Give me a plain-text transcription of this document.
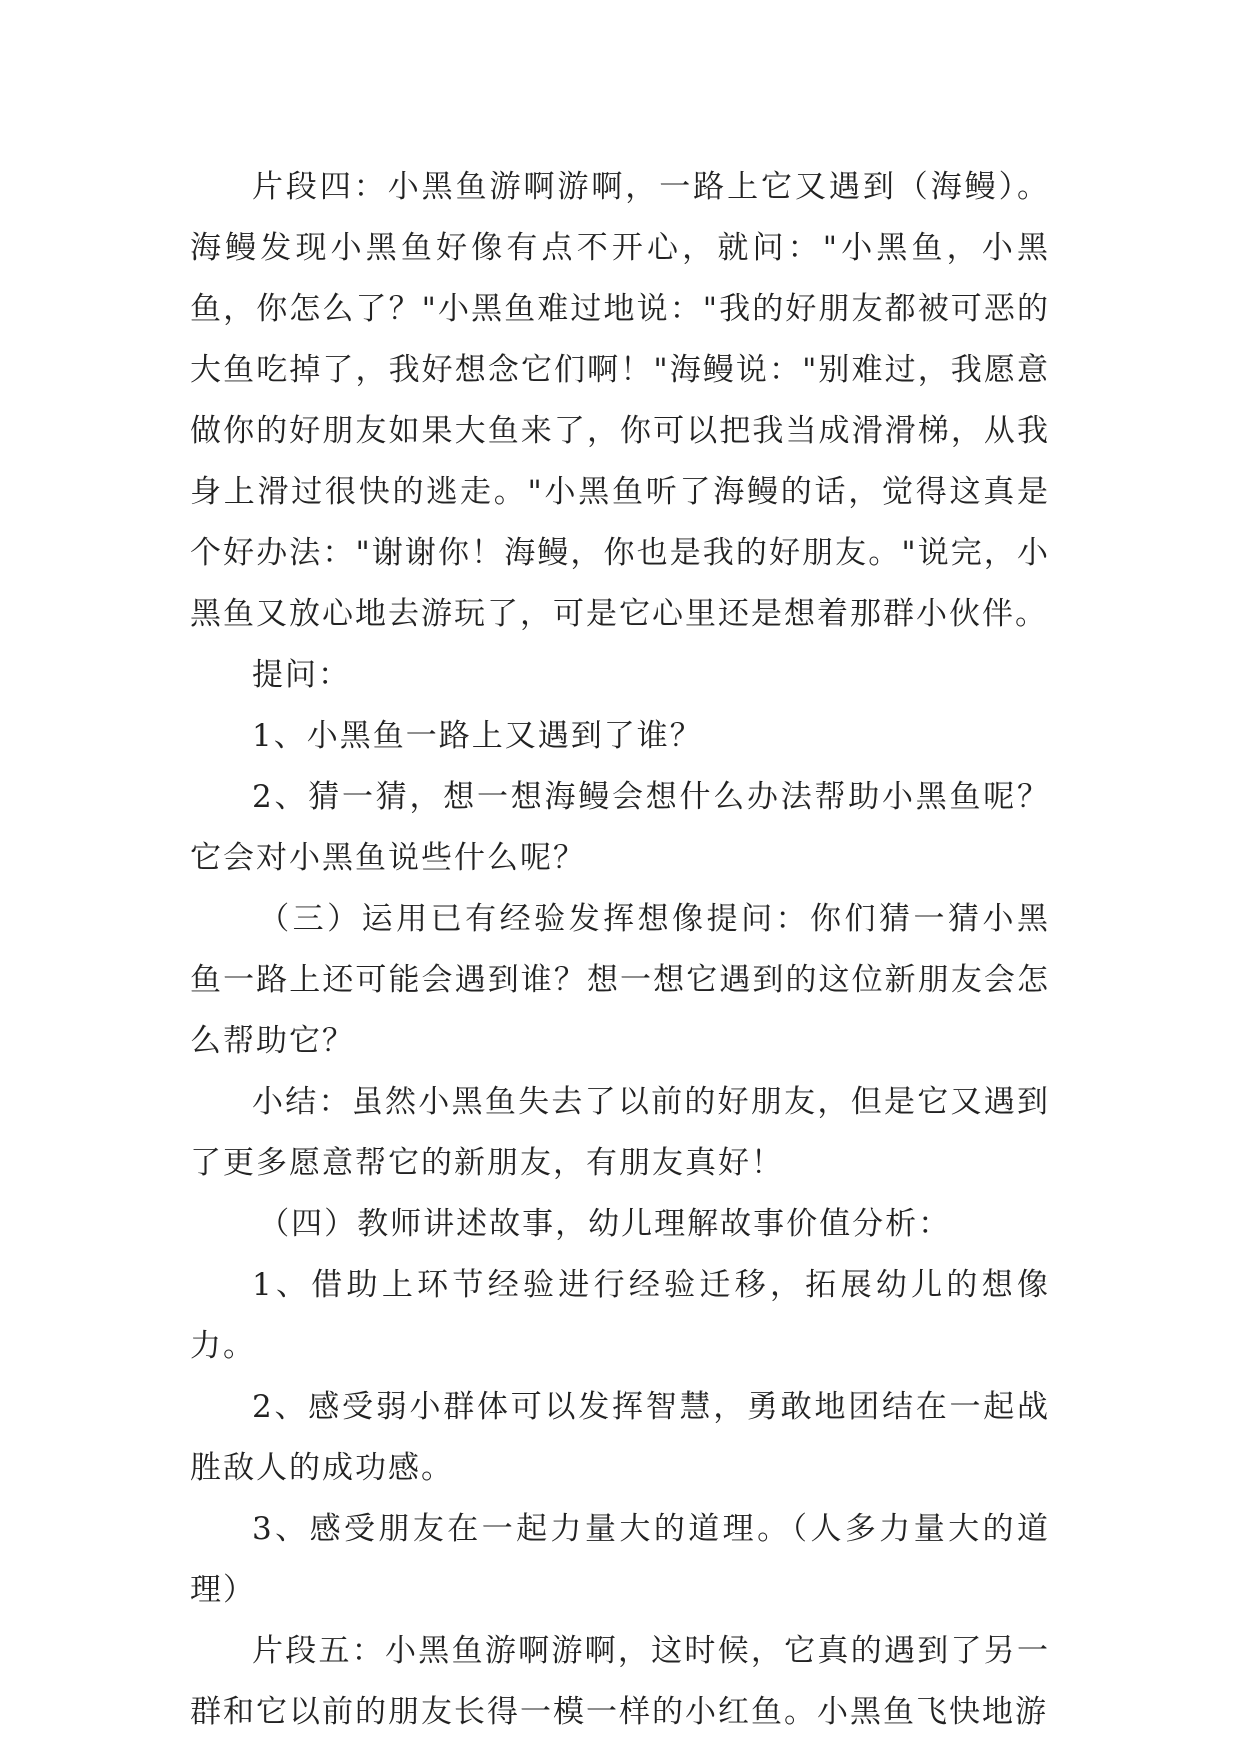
片段四：小黑鱼游啊游啊，一路上它又遇到（海鳗）。海鳗发现小黑鱼好像有点不开心，就问："小黑鱼，小黑鱼，你怎么了？"小黑鱼难过地说："我的好朋友都被可恶的大鱼吃掉了，我好想念它们啊！"海鳗说："别难过，我愿意做你的好朋友如果大鱼来了，你可以把我当成滑滑梯，从我身上滑过很快的逃走。"小黑鱼听了海鳗的话，觉得这真是个好办法："谢谢你！海鳗，你也是我的好朋友。"说完，小黑鱼又放心地去游玩了，可是它心里还是想着那群小伙伴。

提问：

1、小黑鱼一路上又遇到了谁？

2、猜一猜，想一想海鳗会想什么办法帮助小黑鱼呢？它会对小黑鱼说些什么呢？

（三）运用已有经验发挥想像提问：你们猜一猜小黑鱼一路上还可能会遇到谁？想一想它遇到的这位新朋友会怎么帮助它？

小结：虽然小黑鱼失去了以前的好朋友，但是它又遇到了更多愿意帮它的新朋友，有朋友真好！

（四）教师讲述故事，幼儿理解故事价值分析：

1、借助上环节经验进行经验迁移，拓展幼儿的想像力。

2、感受弱小群体可以发挥智慧，勇敢地团结在一起战胜敌人的成功感。

3、感受朋友在一起力量大的道理。（人多力量大的道理）

片段五：小黑鱼游啊游啊，这时候，它真的遇到了另一群和它以前的朋友长得一模一样的小红鱼。小黑鱼飞快地游
